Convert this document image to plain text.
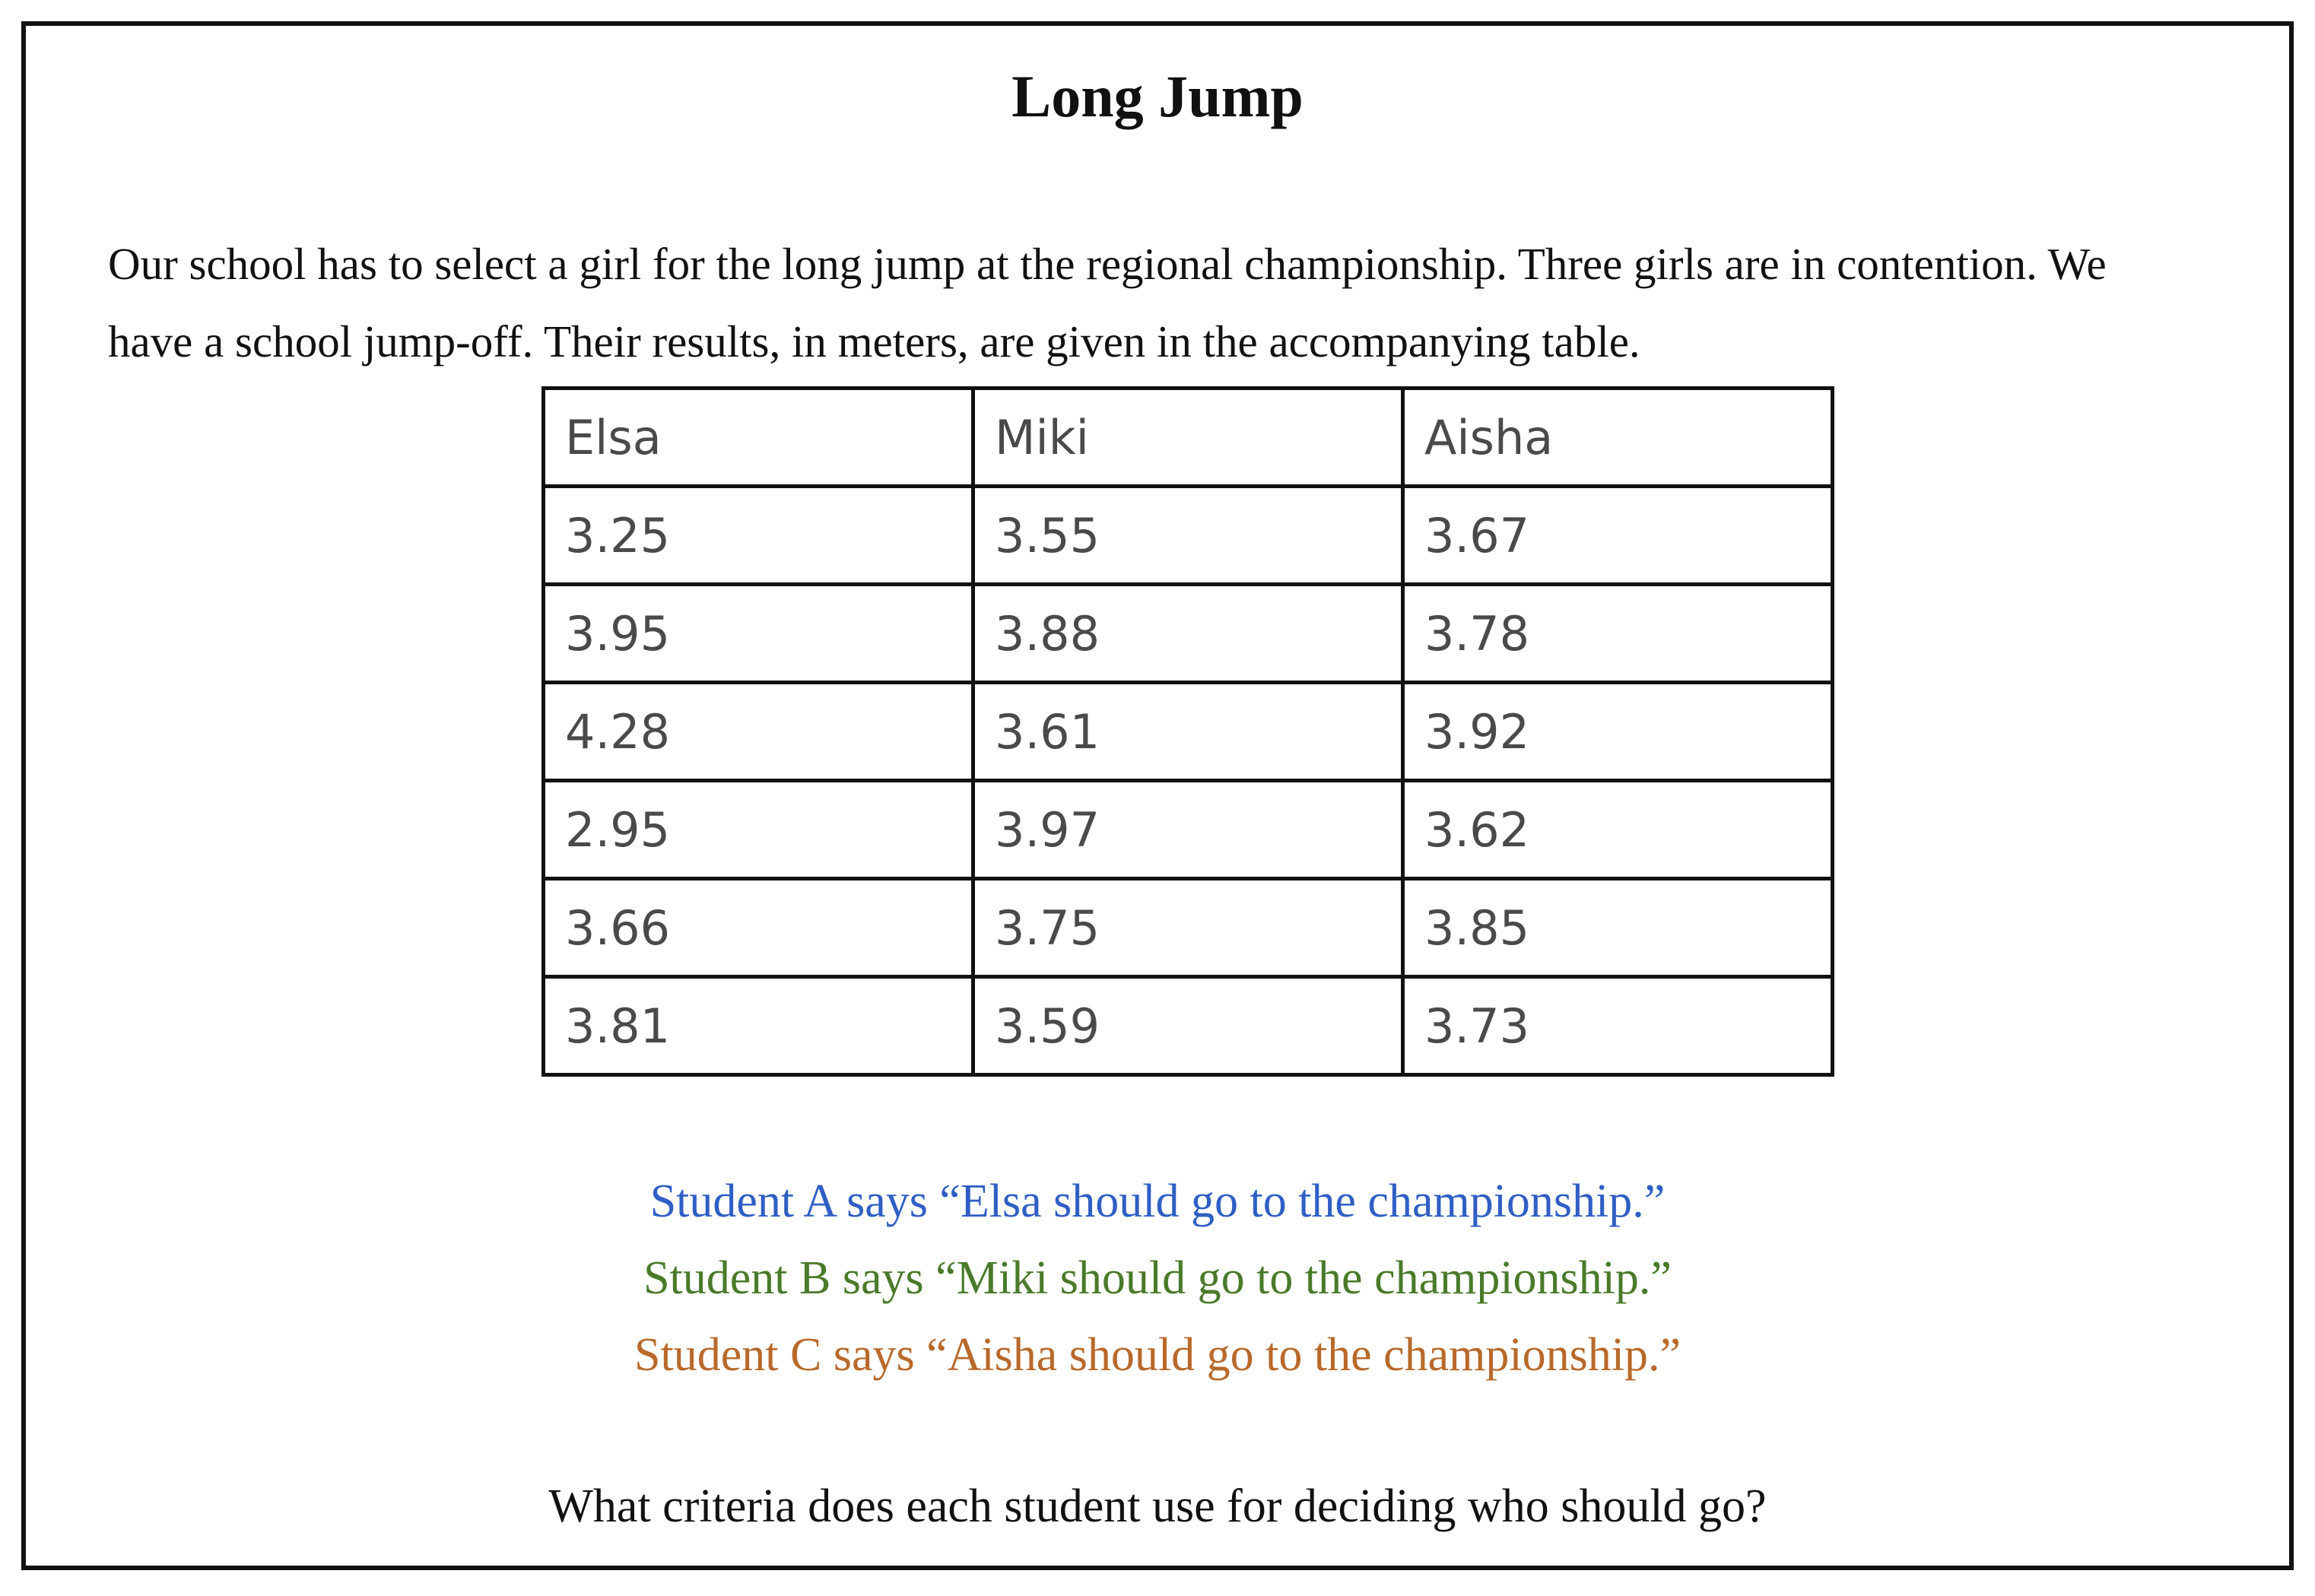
Long Jump

Our school has to select a girl for the long jump at the regional championship. Three girls are in contention. We
have a school jump-off. Their results, in meters, are given in the accompanying table.

Elsa	Miki	Aisha
3.25	3.55	3.67
3.95	3.88	3.78
4.28	3.61	3.92
2.95	3.97	3.62
3.66	3.75	3.85
3.81	3.59	3.73
Student A says “Elsa should go to the championship.”
Student B says “Miki should go to the championship.”
Student C says “Aisha should go to the championship.”
What criteria does each student use for deciding who should go?
